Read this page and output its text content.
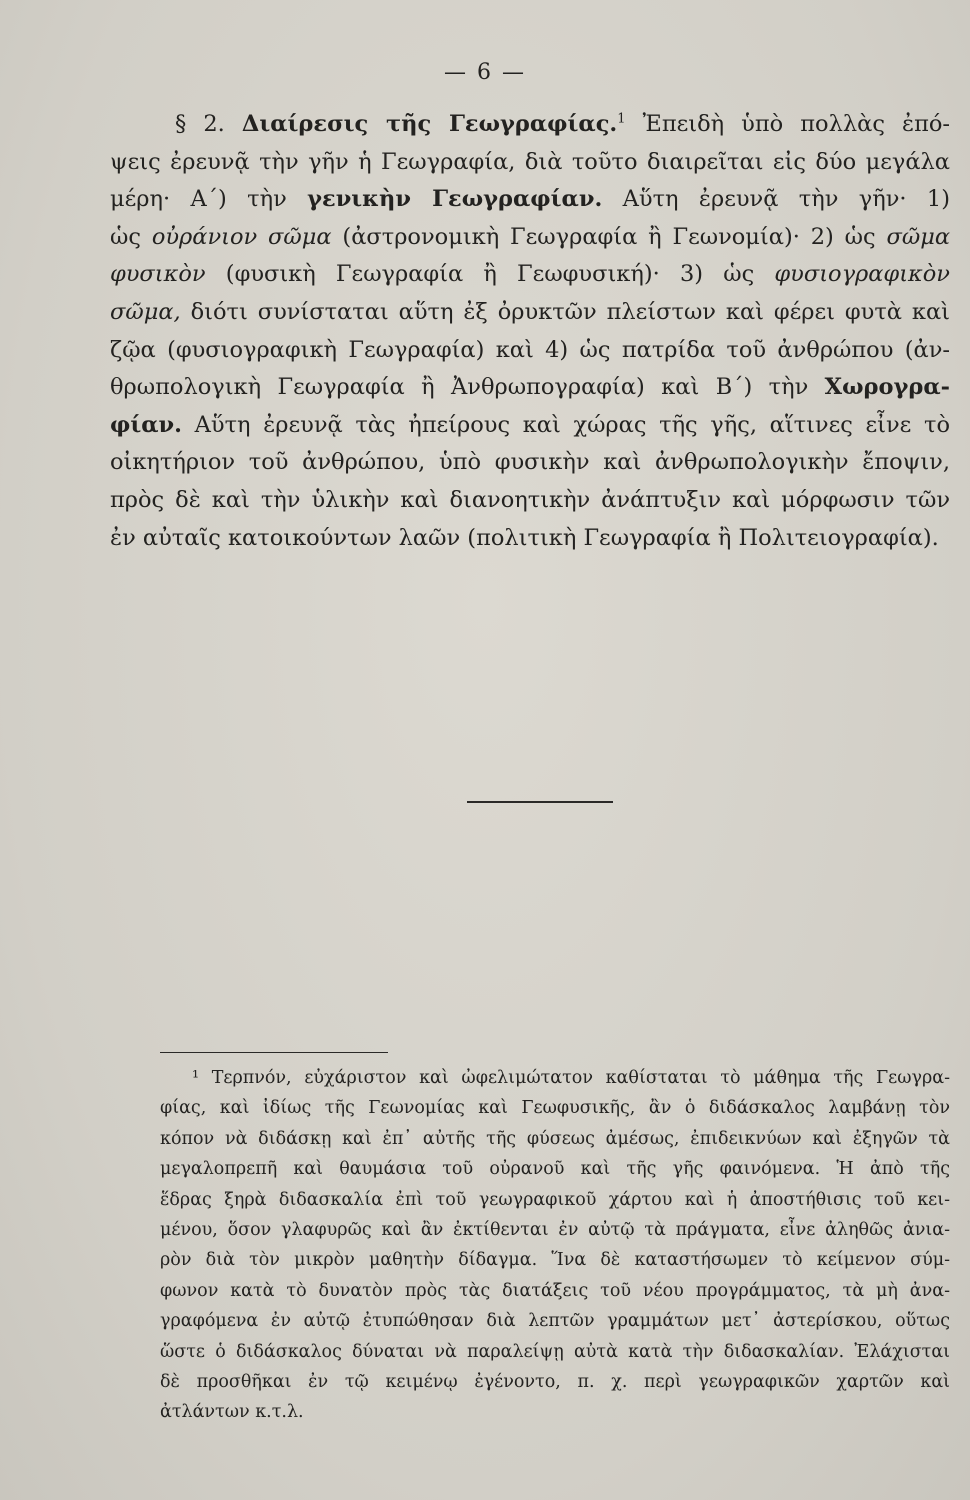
— 6 —
§ 2. Διαίρεσις τῆς Γεωγραφίας.$^1$ Ἐπειδὴ ὑπὸ πολλὰς ἐπό-
ψεις ἐρευνᾷ τὴν γῆν ἡ Γεωγραφία, διὰ τοῦτο διαιρεῖται εἰς δύο μεγάλα
μέρη· Α΄) τὴν γενικὴν Γεωγραφίαν. Αὕτη ἐρευνᾷ τὴν γῆν· 1)
ὡς οὐράνιον σῶμα (ἀστρονομικὴ Γεωγραφία ἢ Γεωνομία)· 2) ὡς σῶμα
φυσικὸν (φυσικὴ Γεωγραφία ἢ Γεωφυσική)· 3) ὡς φυσιογραφικὸν
σῶμα, διότι συνίσταται αὕτη ἐξ ὀρυκτῶν πλείστων καὶ φέρει φυτὰ καὶ
ζῷα (φυσιογραφικὴ Γεωγραφία) καὶ 4) ὡς πατρίδα τοῦ ἀνθρώπου (ἀν-
θρωπολογικὴ Γεωγραφία ἢ Ἀνθρωπογραφία) καὶ Β΄) τὴν Χωρογρα-
φίαν. Αὕτη ἐρευνᾷ τὰς ἠπείρους καὶ χώρας τῆς γῆς, αἵτινες εἶνε τὸ
οἰκητήριον τοῦ ἀνθρώπου, ὑπὸ φυσικὴν καὶ ἀνθρωπολογικὴν ἔποψιν,
πρὸς δὲ καὶ τὴν ὑλικὴν καὶ διανοητικὴν ἀνάπτυξιν καὶ μόρφωσιν τῶν
ἐν αὐταῖς κατοικούντων λαῶν (πολιτικὴ Γεωγραφία ἢ Πολιτειογραφία).
¹ Τερπνόν, εὐχάριστον καὶ ὠφελιμώτατον καθίσταται τὸ μάθημα τῆς Γεωγρα-
φίας, καὶ ἰδίως τῆς Γεωνομίας καὶ Γεωφυσικῆς, ἂν ὁ διδάσκαλος λαμβάνῃ τὸν
κόπον νὰ διδάσκῃ καὶ ἐπ᾽ αὐτῆς τῆς φύσεως ἀμέσως, ἐπιδεικνύων καὶ ἐξηγῶν τὰ
μεγαλοπρεπῆ καὶ θαυμάσια τοῦ οὐρανοῦ καὶ τῆς γῆς φαινόμενα. Ἡ ἀπὸ τῆς
ἕδρας ξηρὰ διδασκαλία ἐπὶ τοῦ γεωγραφικοῦ χάρτου καὶ ἡ ἀποστήθισις τοῦ κει-
μένου, ὅσον γλαφυρῶς καὶ ἂν ἐκτίθενται ἐν αὐτῷ τὰ πράγματα, εἶνε ἀληθῶς ἀνια-
ρὸν διὰ τὸν μικρὸν μαθητὴν δίδαγμα. Ἵνα δὲ καταστήσωμεν τὸ κείμενον σύμ-
φωνον κατὰ τὸ δυνατὸν πρὸς τὰς διατάξεις τοῦ νέου προγράμματος, τὰ μὴ ἀνα-
γραφόμενα ἐν αὐτῷ ἐτυπώθησαν διὰ λεπτῶν γραμμάτων μετ᾽ ἀστερίσκου, οὕτως
ὥστε ὁ διδάσκαλος δύναται νὰ παραλείψῃ αὐτὰ κατὰ τὴν διδασκαλίαν. Ἐλάχισται
δὲ προσθῆκαι ἐν τῷ κειμένῳ ἐγένοντο, π. χ. περὶ γεωγραφικῶν χαρτῶν καὶ
ἀτλάντων κ.τ.λ.
